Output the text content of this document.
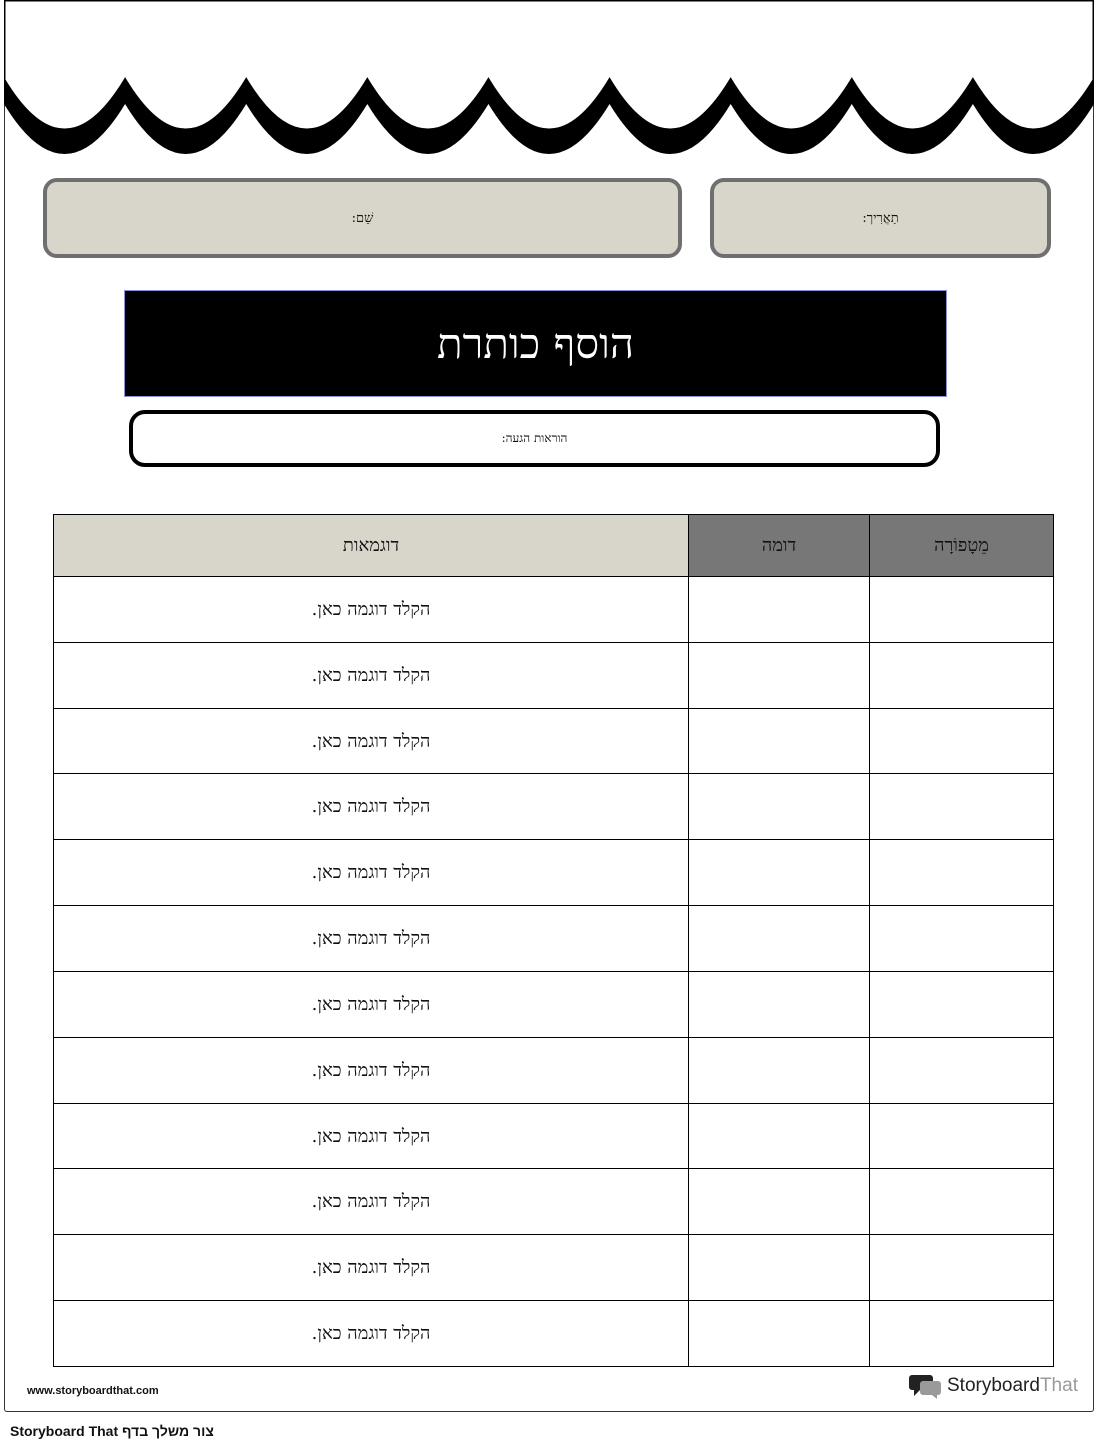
שֵׁם:	תַאֲרִיך:
הוסף כותרת
הוראות הגעה:
דוגמאות	דומה	מֵטָפוֹרָה
הקלד דוגמה כאן.		
הקלד דוגמה כאן.		
הקלד דוגמה כאן.		
הקלד דוגמה כאן.		
הקלד דוגמה כאן.		
הקלד דוגמה כאן.		
הקלד דוגמה כאן.		
הקלד דוגמה כאן.		
הקלד דוגמה כאן.		
הקלד דוגמה כאן.		
הקלד דוגמה כאן.		
הקלד דוגמה כאן.		
www.storyboardthat.com	Storyboard That
צור משלך בדף Storyboard That
